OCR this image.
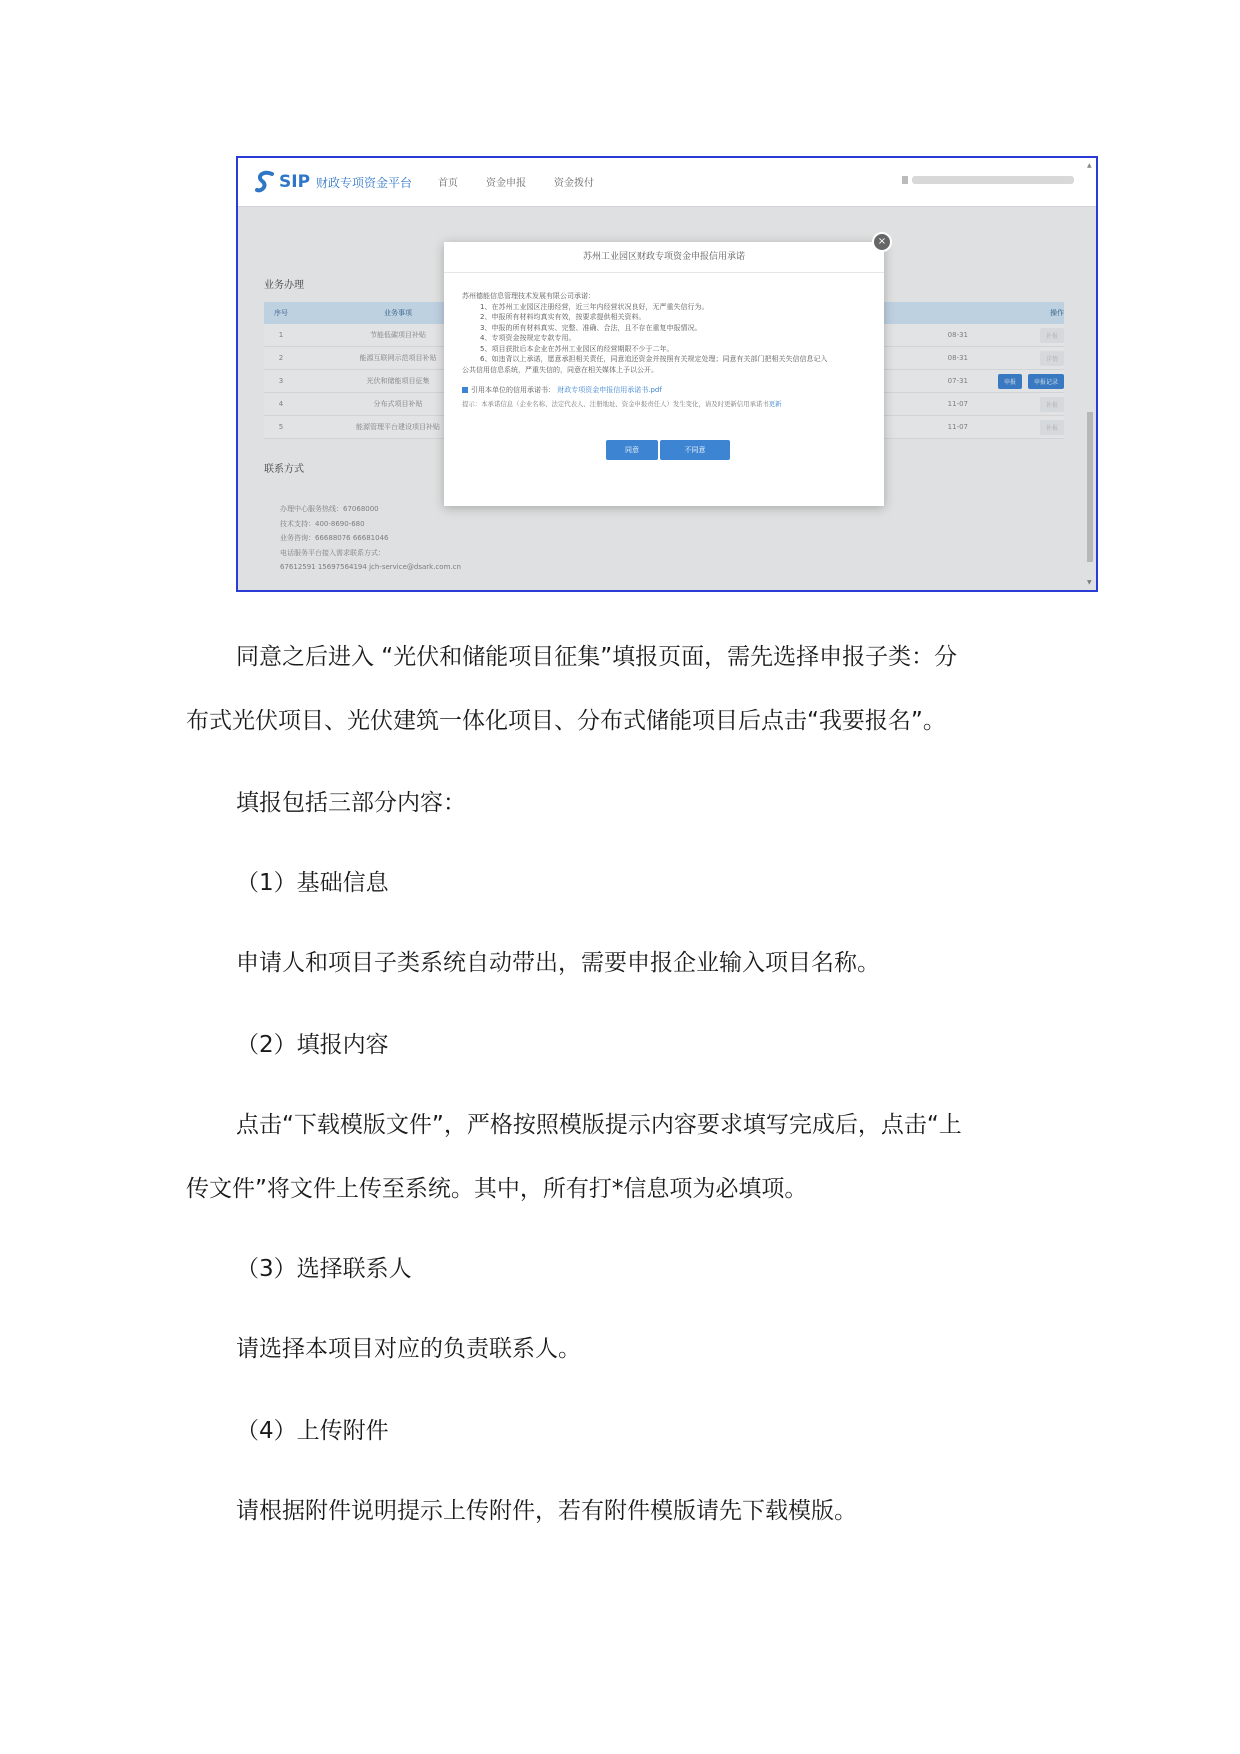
SIP 财政专项资金平台	首页	资金申报	资金拨付
业务办理
序号	业务事项	操作
1	节能低碳项目补贴	08-31	补报
2	能源互联网示范项目补贴	08-31	详情
3	光伏和储能项目征集	07-31	申报	申报记录
4	分布式项目补贴	11-07	补报
5	能源管理平台建设项目补贴	11-07	补报
联系方式
办理中心服务热线：67068000
技术支持：400-8690-680
业务咨询：66688076 66681046
电话服务平台接入需求联系方式：
67612591 15697564194 jch-service@dsark.com.cn
▲
▼
苏州工业园区财政专项资金申报信用承诺
×
苏州德能信息管理技术发展有限公司承诺：
1、在苏州工业园区注册经营，近三年内经营状况良好，无严重失信行为。
2、申报所有材料均真实有效，按要求提供相关资料。
3、申报的所有材料真实、完整、准确、合法，且不存在重复申报情况。
4、专项资金按规定专款专用。
5、项目获批后本企业在苏州工业园区的经营期限不少于二年。
6、如违背以上承诺，愿意承担相关责任，同意追还资金并按照有关规定处理；同意有关部门把相关失信信息记入
公共信用信息系统，严重失信的，同意在相关媒体上予以公开。
引用本单位的信用承诺书： 财政专项资金申报信用承诺书.pdf
提示：本承诺信息（企业名称、法定代表人、注册地址、资金申报责任人）发生变化，请及时更新信用承诺书更新
同意	不同意
同意之后进入 “光伏和储能项目征集”填报页面，需先选择申报子类：分
布式光伏项目、光伏建筑一体化项目、分布式储能项目后点击“我要报名”。
填报包括三部分内容：
（1）基础信息
申请人和项目子类系统自动带出，需要申报企业输入项目名称。
（2）填报内容
点击“下载模版文件”，严格按照模版提示内容要求填写完成后，点击“上
传文件”将文件上传至系统。其中，所有打*信息项为必填项。
（3）选择联系人
请选择本项目对应的负责联系人。
（4）上传附件
请根据附件说明提示上传附件，若有附件模版请先下载模版。
